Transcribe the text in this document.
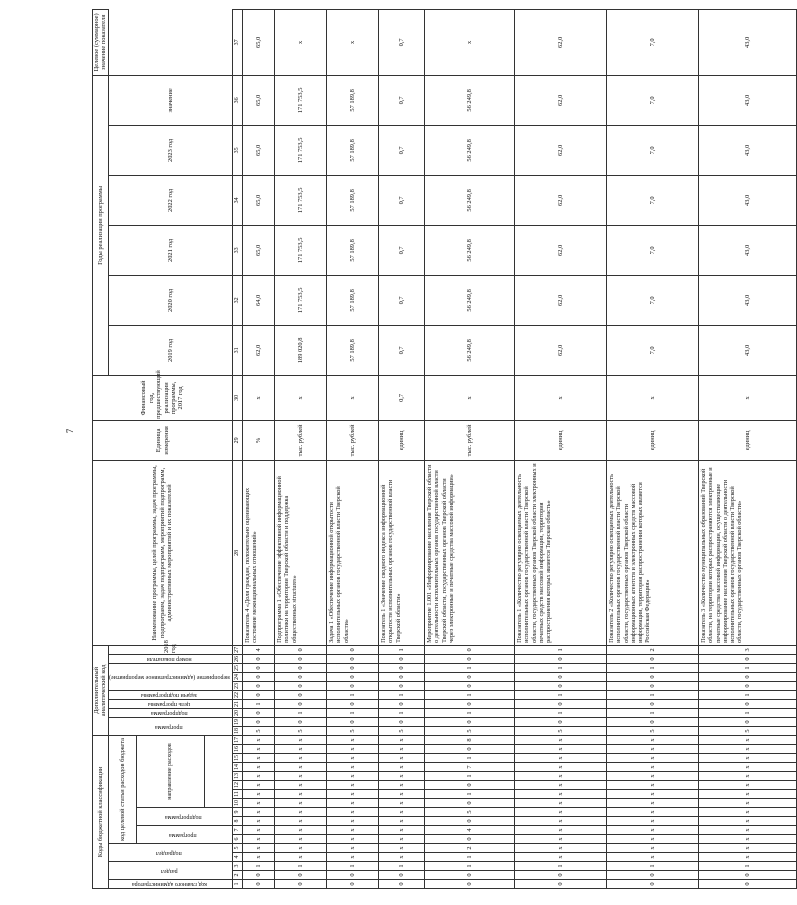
7
Коды бюджетной классификации																	Дополнительный аналитический код										Наименование программы, целей программы, задач программы, подпрограмм, задач подпрограмм, мероприятий подпрограмм, административных мероприятий и их показателей	Единица измерения	Финансовый год, предшествующий реализации программы, 2017 год	Годы реализации программы						Целевое (суммарное) значение показателя
код главного администратора	раздел		подраздел		код целевой статьи расходов бюджета												программа		подпрограмма	цель программы	задачи подпрограммы	мероприятие (административное мероприятие)			номер показателя	2018 год				2019 год	2020 год	2021 год	2022 год	2023 год	значение	
					программа		подпрограмма		направление расходов																											

1	2	3	4	5	6	7	8	9	10	11	12	13	14	15	16	17	18	19	20	21	22	23	24	25	26	27	28	29	30	31	32	33	34	35	36	37
0	0	1	х	х	х	х	х	х	х	х	х	х	х	х	х	х	5	0	0	1	0	0	0	0	0	4	Показатель 4 «Доля граждан, положительно оценивающих состояние межнациональных отношений»	%	х	62,0	64,0	65,0	65,0	65,0	65,0	65,0
0	0	1	х	х	х	х	х	х	х	х	х	х	х	х	х	х	5	0	1	0	0	0	0	0	0	0	Подпрограмма 1 «Обеспечение эффективной информационной политики на территории Тверской области и поддержка общественных structures»	тыс. рублей	х	189 020,8	171 753,5	171 753,5	171 753,5	171 753,5	171 753,5	х
0	0	1	х	х	х	х	х	х	х	х	х	х	х	х	х	х	5	0	1	0	1	0	0	0	0	0	Задача 1 «Обеспечение информационной открытости исполнительных органов государственной власти Тверской области»	тыс. рублей	х	57 189,8	57 189,8	57 189,8	57 189,8	57 189,8	57 189,8	х
0	0	1	х	х	х	х	х	х	х	х	х	х	х	х	х	х	5	0	1	0	1	0	0	0	0	1	Показатель 1 «Значение сводного индекса информационной открытости исполнительных органов государственной власти Тверской области»	единиц	0,7	0,7	0,7	0,7	0,7	0,7	0,7	0,7
0	0	1	1	2	0	4	0	5	0	1	0	1	7	1	0	8	5	0	1	0	1	0	0	1	0	0	Мероприятие 1.001 «Информирование населения Тверской области о деятельности исполнительных органов государственной власти Тверской области, государственных органов Тверской области через электронные и печатные средства массовой информации»	тыс. рублей	х	56 249,8	56 249,8	56 249,8	56 249,8	56 249,8	56 249,8	х
0	0	1	х	х	х	х	х	х	х	х	х	х	х	х	х	х	5	0	1	0	1	0	0	1	0	1	Показатель 1 «Количество регулярно освещаемых деятельность исполнительных органов государственной власти Тверской области, государственных органов Тверской области электронных и печатных средств массовой информации, территория распространения которых является Тверская область»	единиц	х	62,0	62,0	62,0	62,0	62,0	62,0	62,0
0	0	1	х	х	х	х	х	х	х	х	х	х	х	х	х	х	5	0	1	0	1	0	0	1	0	2	Показатель 2 «Количество регулярно освещаемых деятельность исполнительных органов государственной власти Тверской области, государственных органов Тверской области информационных агентств и электронных средств массовой информации, территория распространения которых является Российская Федерация»	единиц	х	7,0	7,0	7,0	7,0	7,0	7,0	7,0
0	0	1	х	х	х	х	х	х	х	х	х	х	х	х	х	х	5	0	1	0	1	0	0	1	0	3	Показатель 3 «Количество муниципальных образований Тверской области, на территории которых распространяются электронные и печатные средства массовой информации, осуществляющие информирование населения Тверской области о деятельности исполнительных органов государственной власти Тверской области, государственных органов Тверской области»	единиц	х	43,0	43,0	43,0	43,0	43,0	43,0	43,0
